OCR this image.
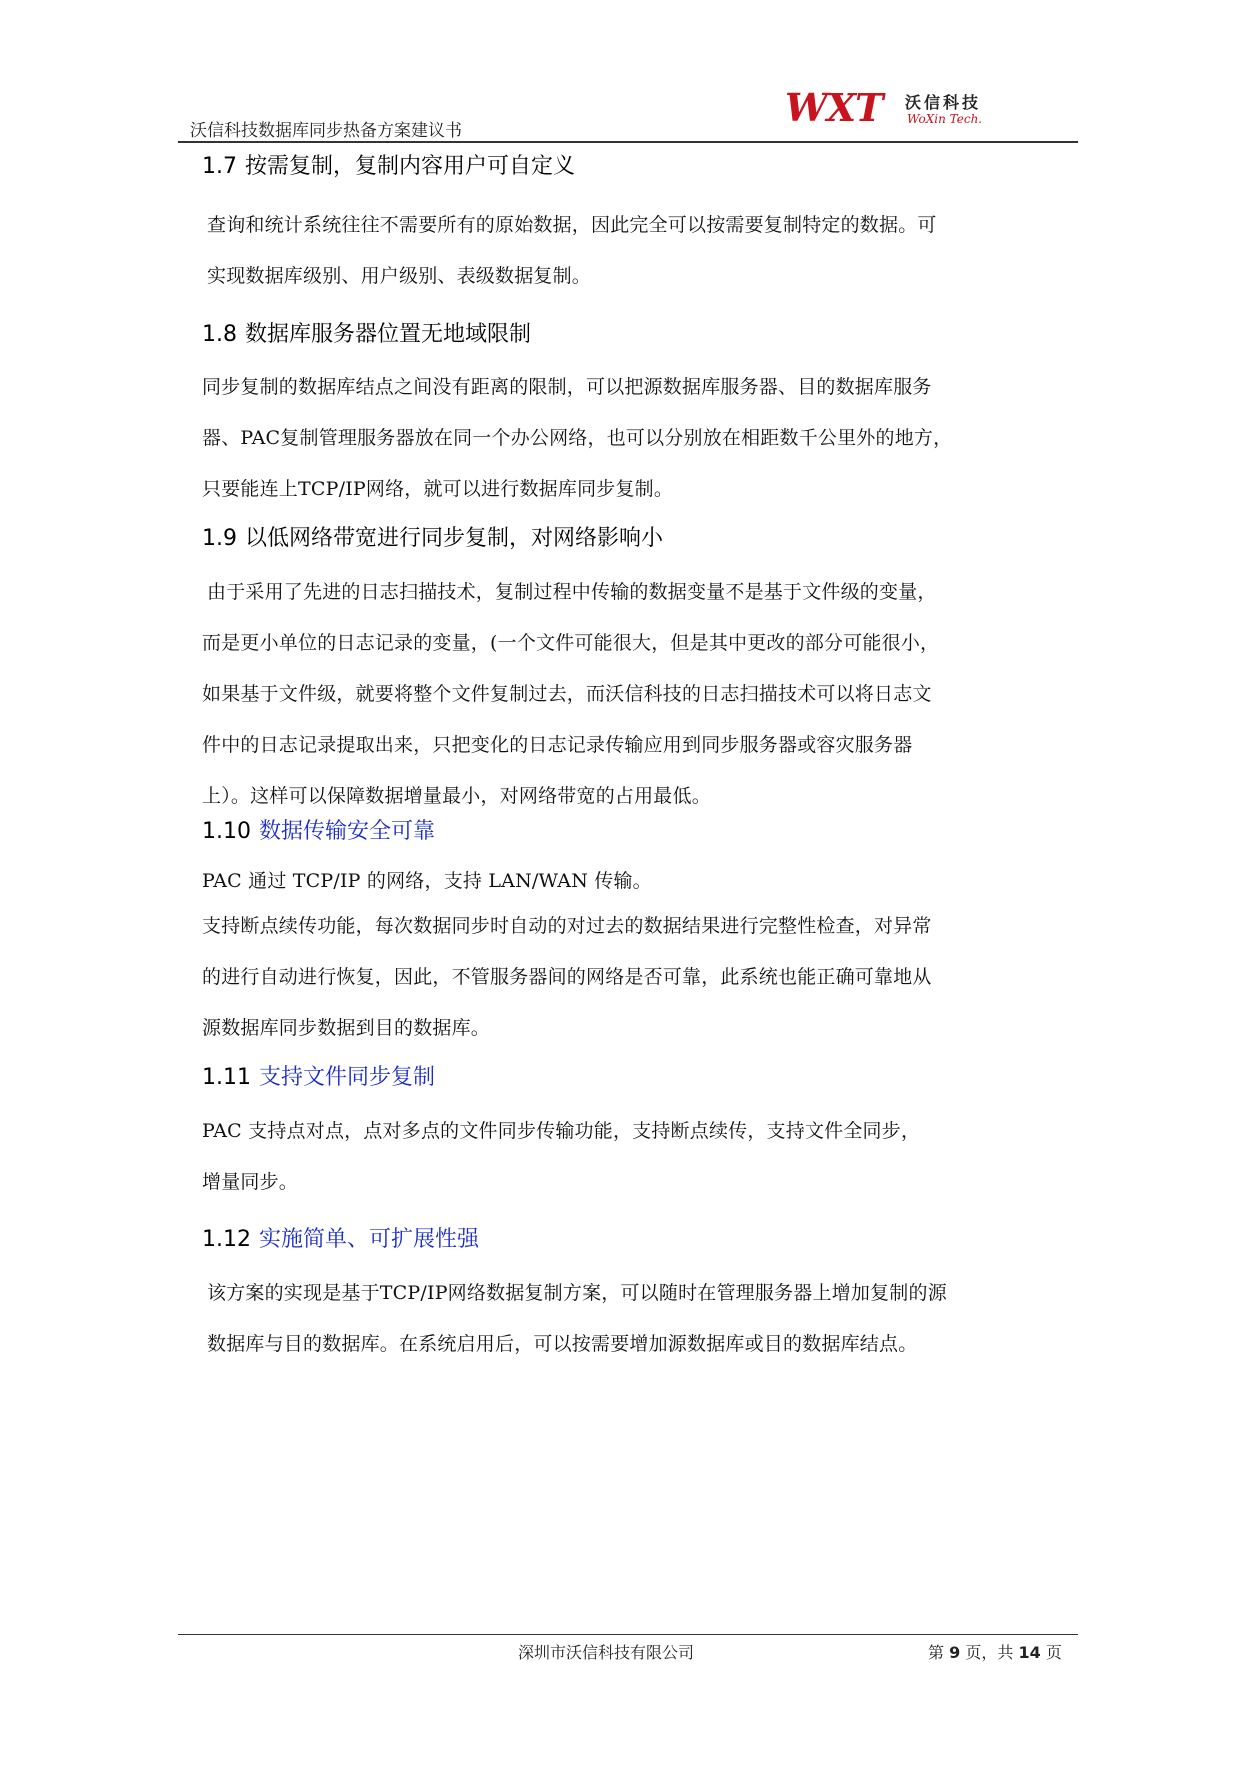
沃信科技数据库同步热备方案建议书
WXT 沃信科技
WoXin Tech.
1.7 按需复制，复制内容用户可自定义
查询和统计系统往往不需要所有的原始数据，因此完全可以按需要复制特定的数据。可
实现数据库级别、用户级别、表级数据复制。
1.8 数据库服务器位置无地域限制
同步复制的数据库结点之间没有距离的限制，可以把源数据库服务器、目的数据库服务
器、PAC复制管理服务器放在同一个办公网络，也可以分别放在相距数千公里外的地方，
只要能连上TCP/IP网络，就可以进行数据库同步复制。
1.9 以低网络带宽进行同步复制，对网络影响小
由于采用了先进的日志扫描技术，复制过程中传输的数据变量不是基于文件级的变量，
而是更小单位的日志记录的变量，(一个文件可能很大，但是其中更改的部分可能很小，
如果基于文件级，就要将整个文件复制过去，而沃信科技的日志扫描技术可以将日志文
件中的日志记录提取出来，只把变化的日志记录传输应用到同步服务器或容灾服务器
上）。这样可以保障数据增量最小，对网络带宽的占用最低。
1.10 数据传输安全可靠
PAC 通过 TCP/IP 的网络，支持 LAN/WAN 传输。
支持断点续传功能，每次数据同步时自动的对过去的数据结果进行完整性检查，对异常
的进行自动进行恢复，因此，不管服务器间的网络是否可靠，此系统也能正确可靠地从
源数据库同步数据到目的数据库。
1.11 支持文件同步复制
PAC 支持点对点，点对多点的文件同步传输功能，支持断点续传，支持文件全同步，
增量同步。
1.12 实施简单、可扩展性强
该方案的实现是基于TCP/IP网络数据复制方案，可以随时在管理服务器上增加复制的源
数据库与目的数据库。在系统启用后，可以按需要增加源数据库或目的数据库结点。
深圳市沃信科技有限公司	第 9 页，共 14 页
